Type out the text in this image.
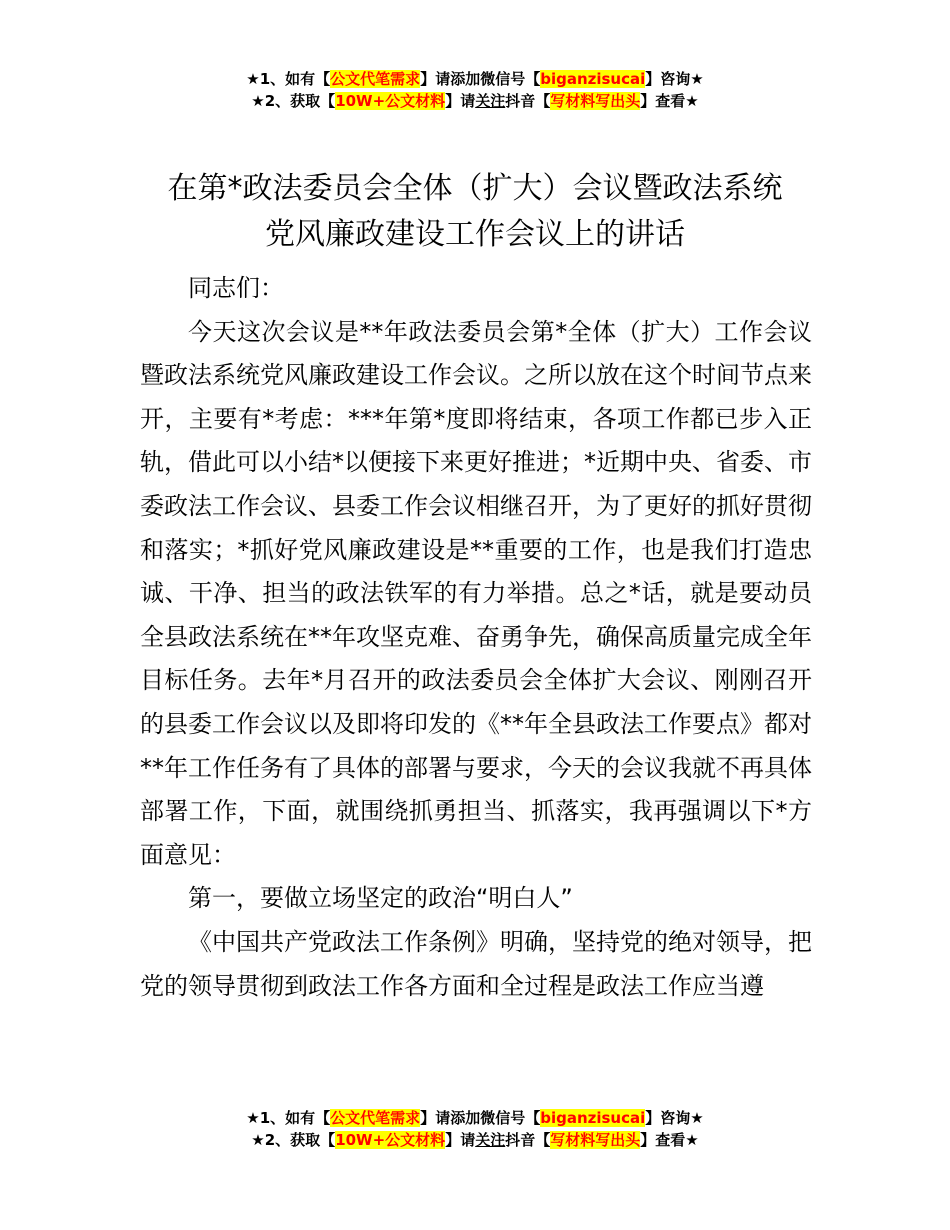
★1、如有【公文代笔需求】请添加微信号【biganzisucai】咨询★
★2、获取【10W+公文材料】请关注抖音【写材料写出头】查看★
在第*政法委员会全体（扩大）会议暨政法系统
党风廉政建设工作会议上的讲话

同志们：

今天这次会议是**年政法委员会第*全体（扩大）工作会议暨政法系统党风廉政建设工作会议。之所以放在这个时间节点来开，主要有*考虑：***年第*度即将结束，各项工作都已步入正轨，借此可以小结*以便接下来更好推进；*近期中央、省委、市委政法工作会议、县委工作会议相继召开，为了更好的抓好贯彻和落实；*抓好党风廉政建设是**重要的工作，也是我们打造忠诚、干净、担当的政法铁军的有力举措。总之*话，就是要动员全县政法系统在**年攻坚克难、奋勇争先，确保高质量完成全年目标任务。去年*月召开的政法委员会全体扩大会议、刚刚召开的县委工作会议以及即将印发的《**年全县政法工作要点》都对**年工作任务有了具体的部署与要求，今天的会议我就不再具体部署工作，下面，就围绕抓勇担当、抓落实，我再强调以下*方面意见：

第一，要做立场坚定的政治“明白人”

《中国共产党政法工作条例》明确，坚持党的绝对领导，把党的领导贯彻到政法工作各方面和全过程是政法工作应当遵

★1、如有【公文代笔需求】请添加微信号【biganzisucai】咨询★
★2、获取【10W+公文材料】请关注抖音【写材料写出头】查看★
